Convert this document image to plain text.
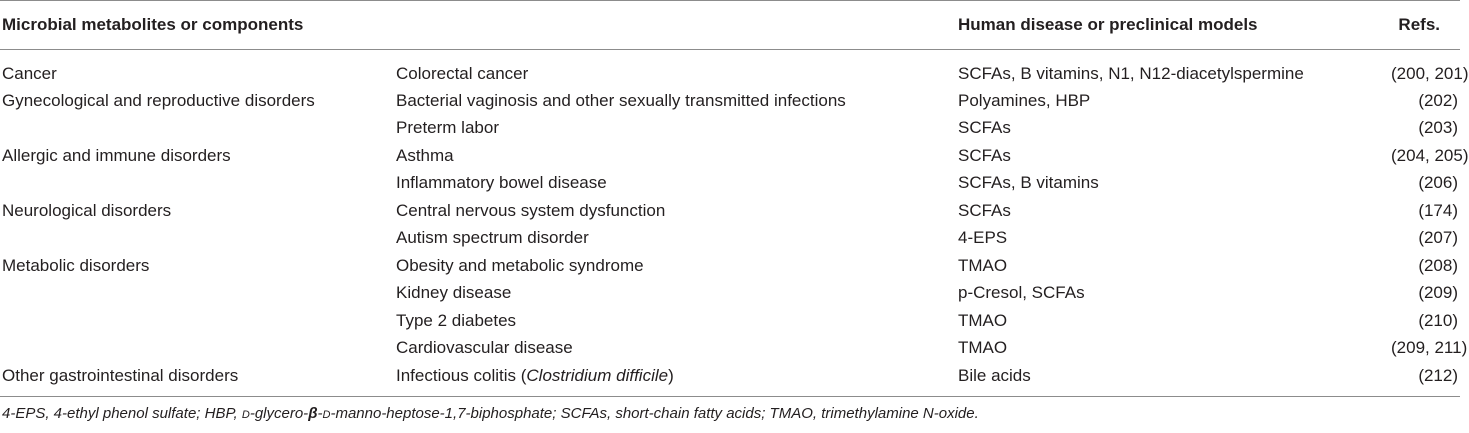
Microbial metabolites or components		Human disease or preclinical models	Refs.
Cancer	Colorectal cancer	SCFAs, B vitamins, N1, N12-diacetylspermine	(200, 201)
Gynecological and reproductive disorders	Bacterial vaginosis and other sexually transmitted infections	Polyamines, HBP	(202)
	Preterm labor	SCFAs	(203)
Allergic and immune disorders	Asthma	SCFAs	(204, 205)
	Inflammatory bowel disease	SCFAs, B vitamins	(206)
Neurological disorders	Central nervous system dysfunction	SCFAs	(174)
	Autism spectrum disorder	4-EPS	(207)
Metabolic disorders	Obesity and metabolic syndrome	TMAO	(208)
	Kidney disease	p-Cresol, SCFAs	(209)
	Type 2 diabetes	TMAO	(210)
	Cardiovascular disease	TMAO	(209, 211)
Other gastrointestinal disorders	Infectious colitis (Clostridium difficile)	Bile acids	(212)
4-EPS, 4-ethyl phenol sulfate; HBP, d-glycero-β-d-manno-heptose-1,7-biphosphate; SCFAs, short-chain fatty acids; TMAO, trimethylamine N-oxide.
